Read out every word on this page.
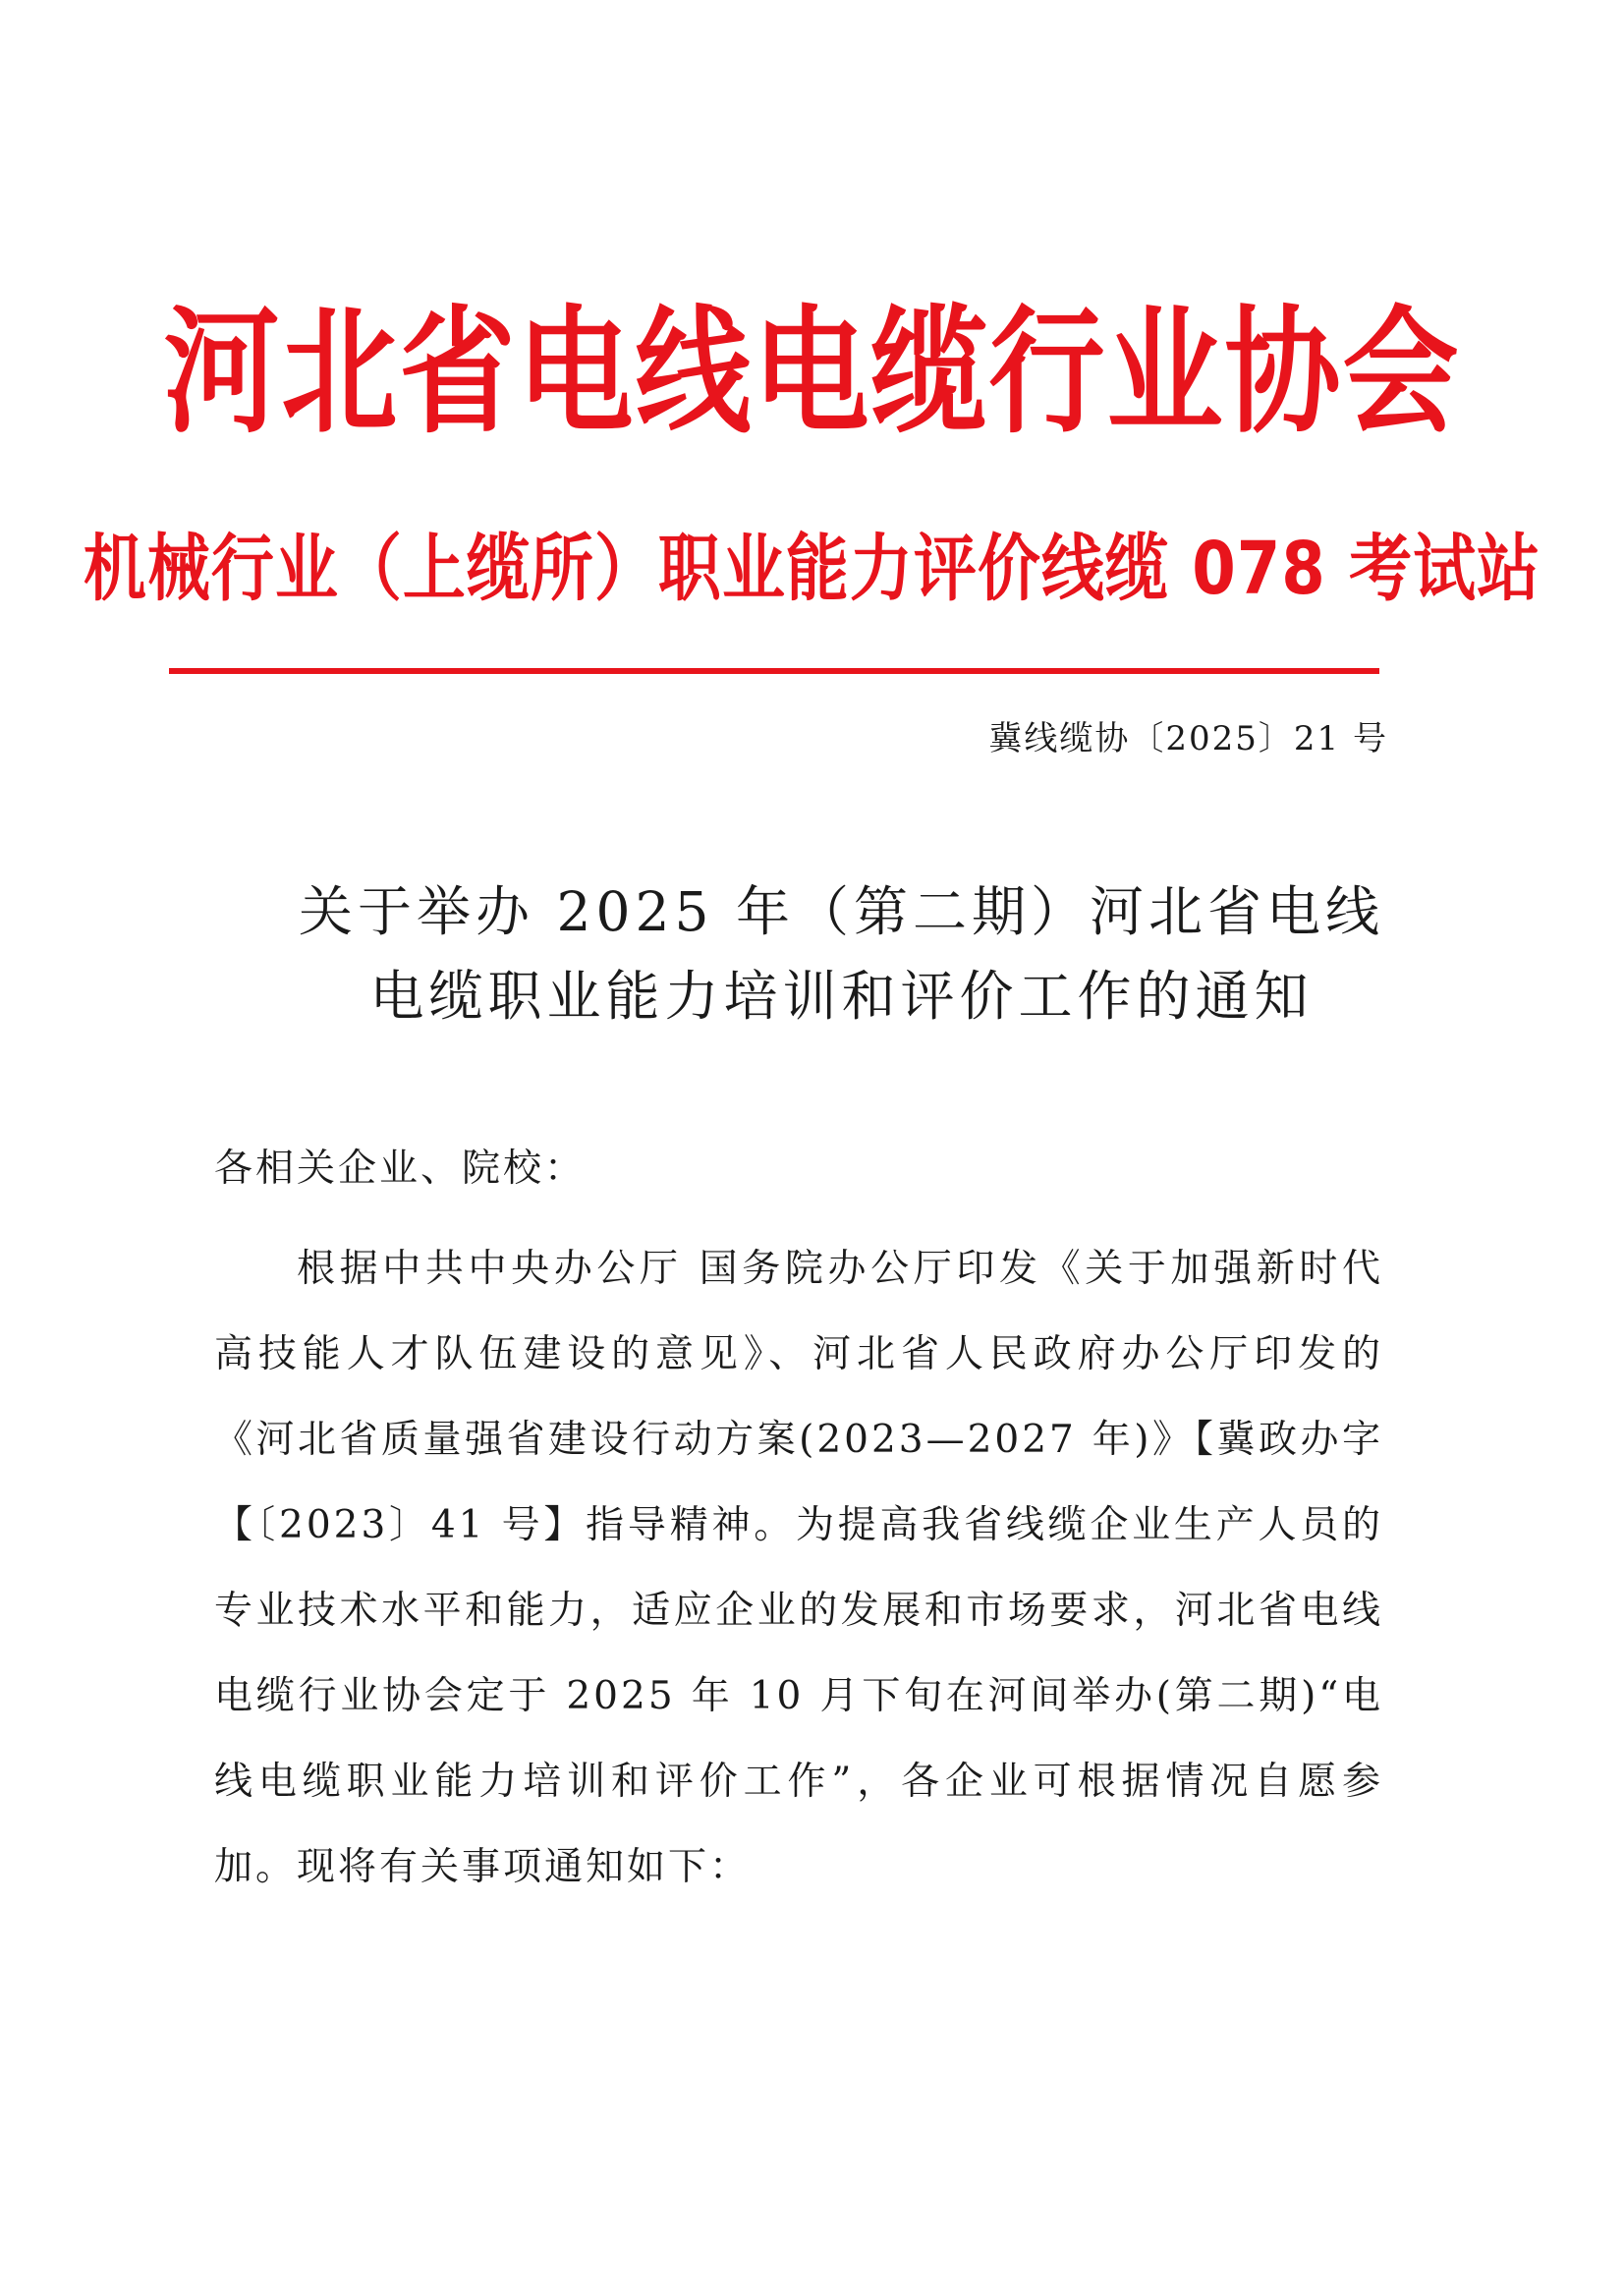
河北省电线电缆行业协会
机械行业（上缆所）职业能力评价线缆 078 考试站
冀线缆协〔2025〕21 号
关于举办 2025 年（第二期）河北省电线
电缆职业能力培训和评价工作的通知
各相关企业、院校：
根据中共中央办公厅 国务院办公厅印发《关于加强新时代高技能人才队伍建设的意见》、河北省人民政府办公厅印发的《河北省质量强省建设行动方案(2023—2027 年)》【冀政办字【〔2023〕41 号】指导精神。为提高我省线缆企业生产人员的专业技术水平和能力，适应企业的发展和市场要求，河北省电线电缆行业协会定于 2025 年 10 月下旬在河间举办(第二期)“电线电缆职业能力培训和评价工作”，各企业可根据情况自愿参加。现将有关事项通知如下：
